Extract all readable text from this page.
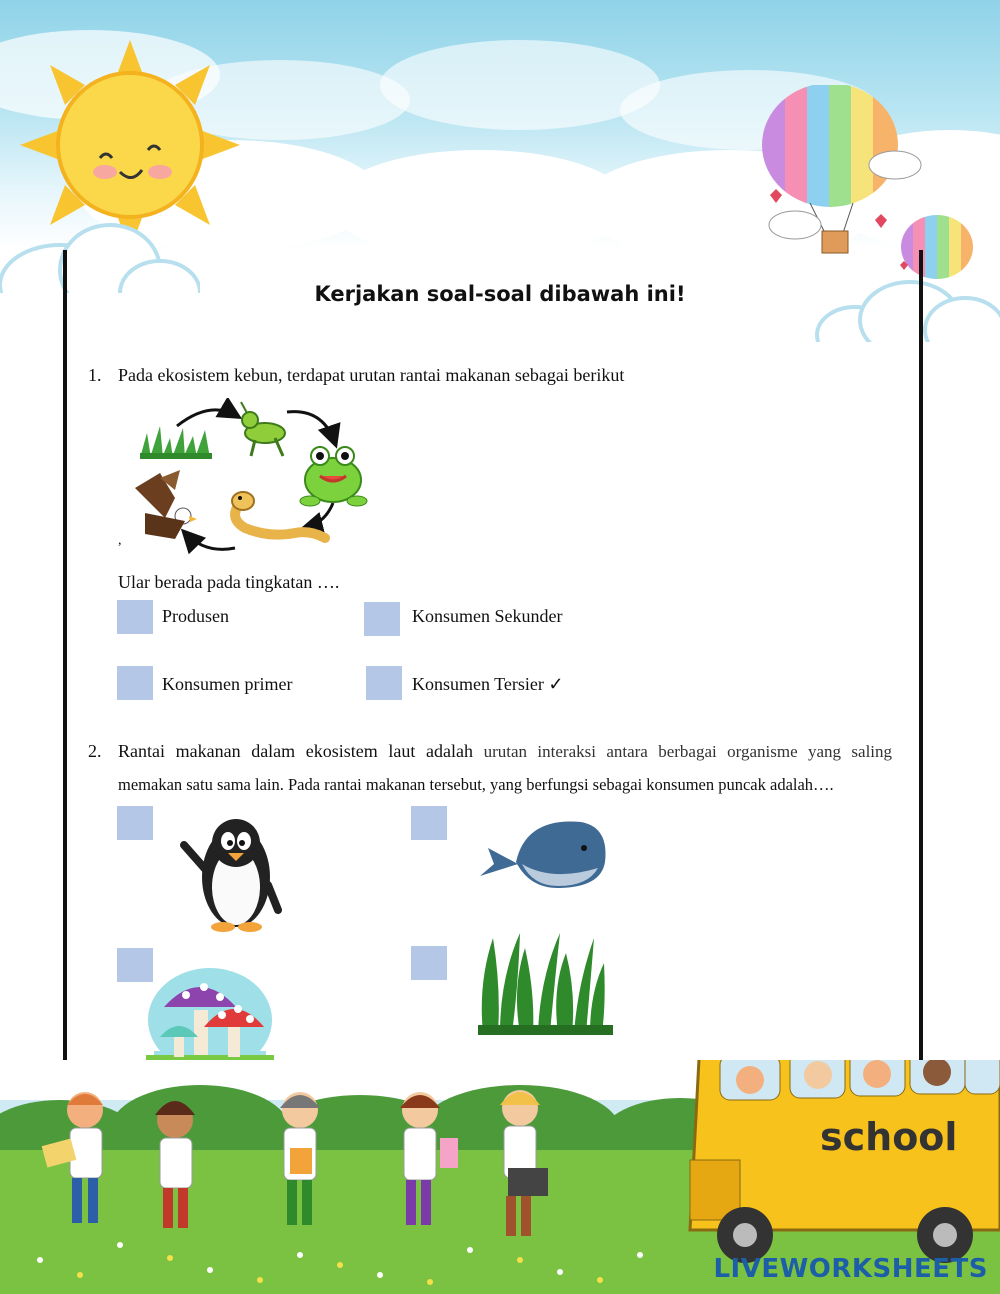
Kerjakan soal-soal dibawah ini!
1. Pada ekosistem kebun, terdapat urutan rantai makanan sebagai berikut
,
Ular berada pada tingkatan ….
Produsen	Konsumen Sekunder
Konsumen primer	Konsumen Tersier ✓
2. Rantai makanan dalam ekosistem laut adalah urutan interaksi antara berbagai organisme yang saling
memakan satu sama lain. Pada rantai makanan tersebut, yang berfungsi sebagai konsumen puncak adalah….
school
LIVEWORKSHEETS
